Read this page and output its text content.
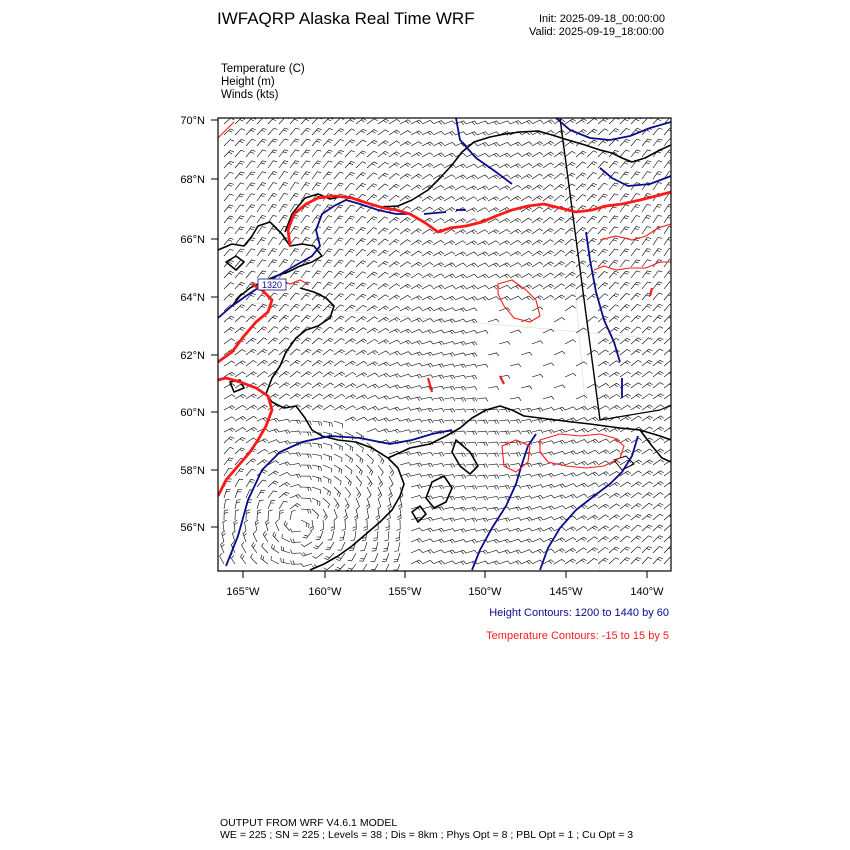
IWFAQRP Alaska Real Time WRF	Init: 2025-09-18_00:00:00
Valid: 2025-09-19_18:00:00
Temperature (C)
Height (m)
Winds (kts)
1320
70°N
68°N
66°N
64°N
62°N
60°N
58°N
56°N
165°W	160°W	155°W	150°W	145°W	140°W
Height Contours: 1200 to 1440 by 60
Temperature Contours: -15 to 15 by 5
OUTPUT FROM WRF V4.6.1 MODEL
WE = 225 ; SN = 225 ; Levels = 38 ; Dis = 8km ; Phys Opt = 8 ; PBL Opt = 1 ; Cu Opt = 3
